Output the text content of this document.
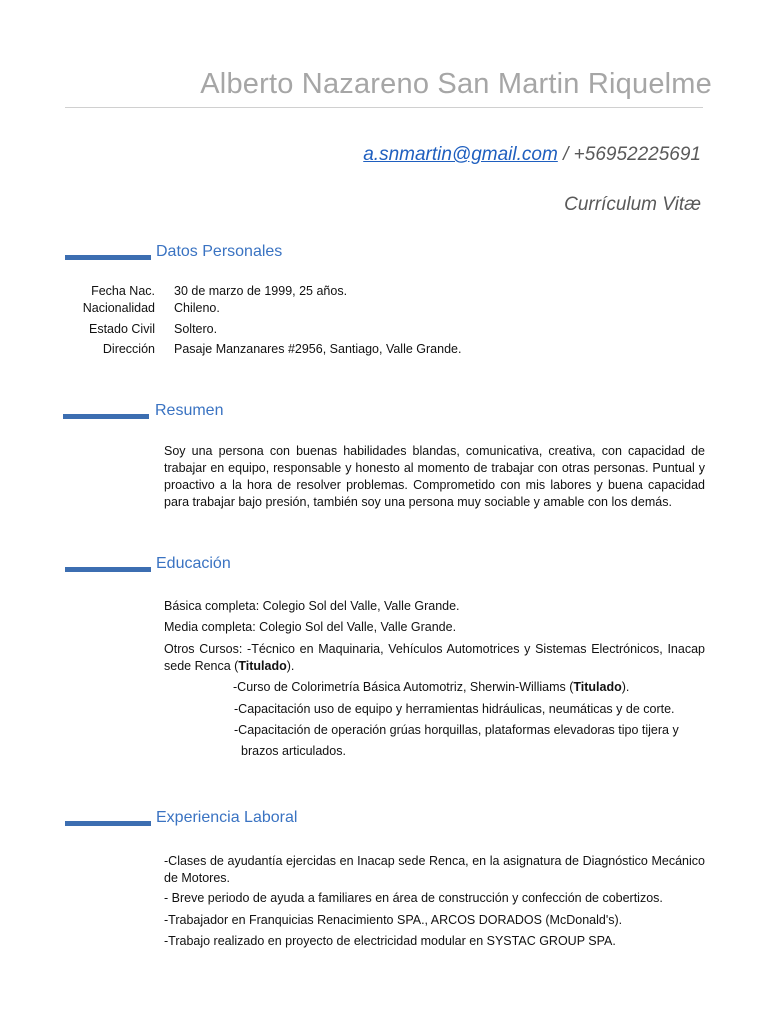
Alberto Nazareno San Martin Riquelme
a.snmartin@gmail.com / +56952225691
Currículum Vitæ
Datos Personales
Fecha Nac. 30 de marzo de 1999, 25 años.
Nacionalidad Chileno.
Estado Civil Soltero.
Dirección Pasaje Manzanares #2956, Santiago, Valle Grande.
Resumen

Soy una persona con buenas habilidades blandas, comunicativa, creativa, con capacidad de trabajar en equipo, responsable y honesto al momento de trabajar con otras personas. Puntual y proactivo a la hora de resolver problemas. Comprometido con mis labores y buena capacidad para trabajar bajo presión, también soy una persona muy sociable y amable con los demás.

Educación
Básica completa: Colegio Sol del Valle, Valle Grande.
Media completa: Colegio Sol del Valle, Valle Grande.

Otros Cursos: -Técnico en Maquinaria, Vehículos Automotrices y Sistemas Electrónicos, Inacap sede Renca (Titulado).

-Curso de Colorimetría Básica Automotriz, Sherwin-Williams (Titulado).
-Capacitación uso de equipo y herramientas hidráulicas, neumáticas y de corte.
-Capacitación de operación grúas horquillas, plataformas elevadoras tipo tijera y
brazos articulados.
Experiencia Laboral

-Clases de ayudantía ejercidas en Inacap sede Renca, en la asignatura de Diagnóstico Mecánico de Motores.

- Breve periodo de ayuda a familiares en área de construcción y confección de cobertizos.
-Trabajador en Franquicias Renacimiento SPA., ARCOS DORADOS (McDonald's).
-Trabajo realizado en proyecto de electricidad modular en SYSTAC GROUP SPA.
